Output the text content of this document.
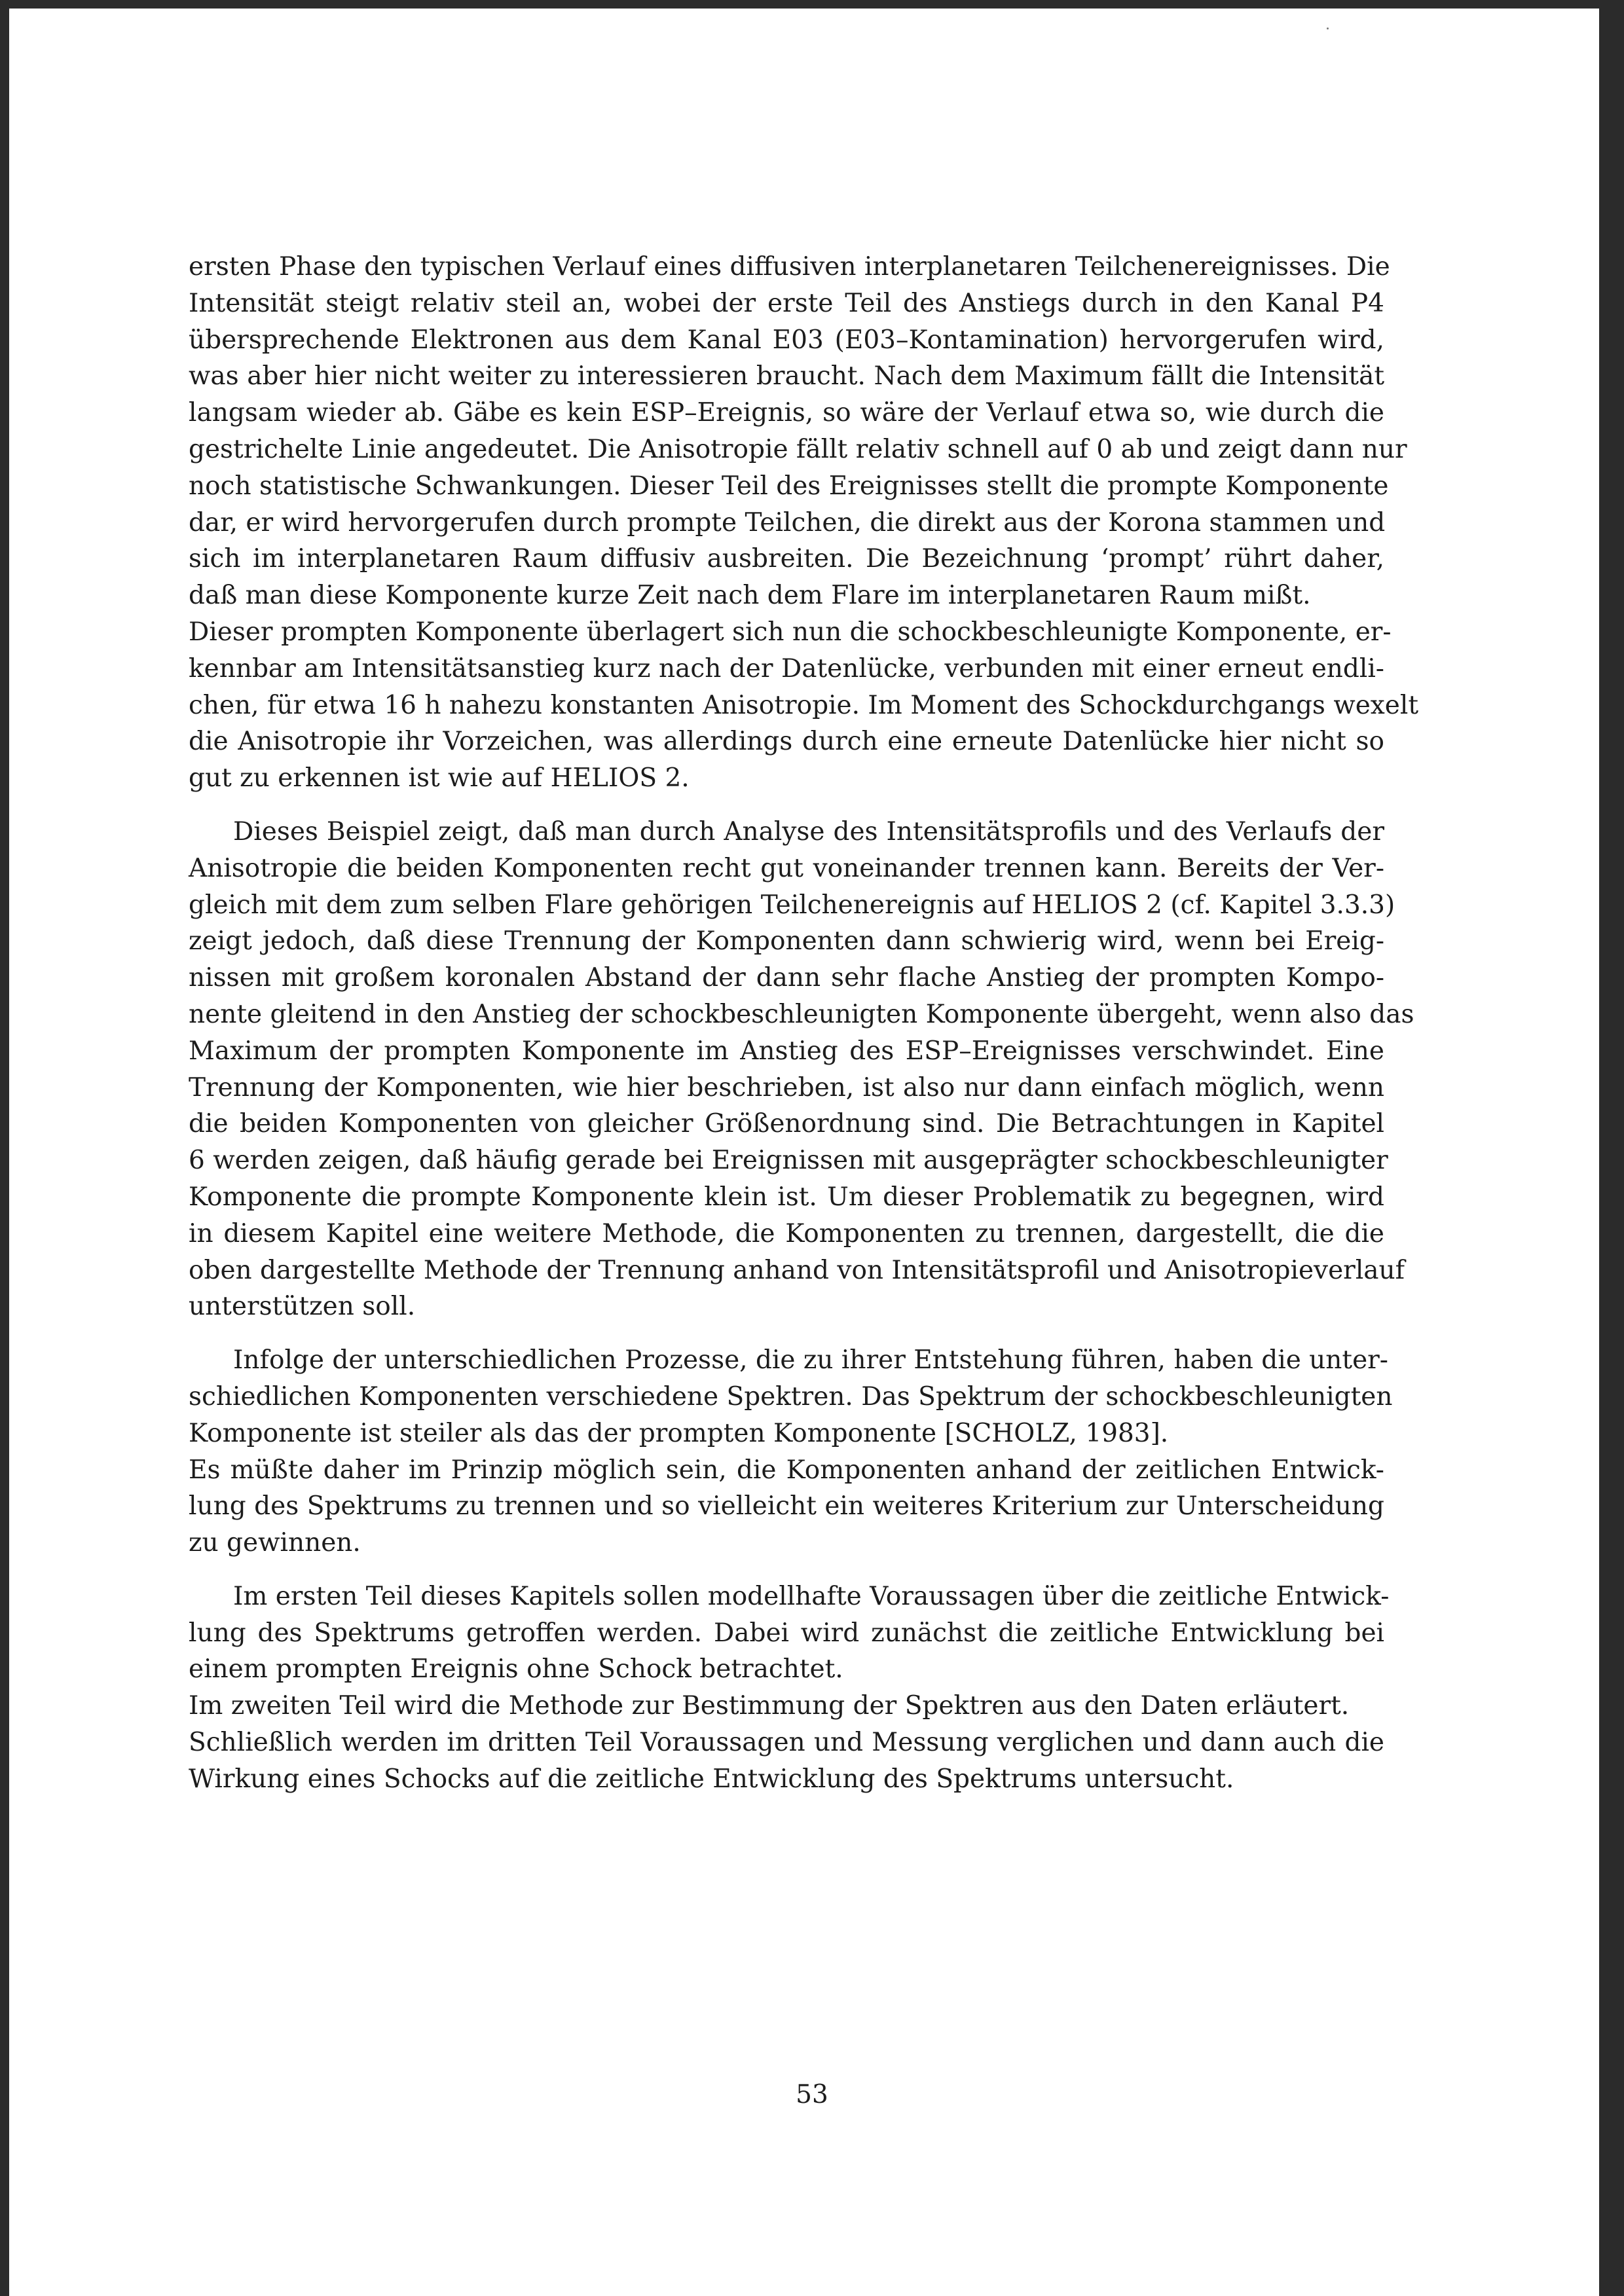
ersten Phase den typischen Verlauf eines diffusiven interplanetaren Teilchenereignisses. Die
Intensität steigt relativ steil an, wobei der erste Teil des Anstiegs durch in den Kanal P4
übersprechende Elektronen aus dem Kanal E03 (E03–Kontamination) hervorgerufen wird,
was aber hier nicht weiter zu interessieren braucht. Nach dem Maximum fällt die Intensität
langsam wieder ab. Gäbe es kein ESP–Ereignis, so wäre der Verlauf etwa so, wie durch die
gestrichelte Linie angedeutet. Die Anisotropie fällt relativ schnell auf 0 ab und zeigt dann nur
noch statistische Schwankungen. Dieser Teil des Ereignisses stellt die prompte Komponente
dar, er wird hervorgerufen durch prompte Teilchen, die direkt aus der Korona stammen und
sich im interplanetaren Raum diffusiv ausbreiten. Die Bezeichnung ‘prompt’ rührt daher,
daß man diese Komponente kurze Zeit nach dem Flare im interplanetaren Raum mißt.
Dieser prompten Komponente überlagert sich nun die schockbeschleunigte Komponente, er-
kennbar am Intensitätsanstieg kurz nach der Datenlücke, verbunden mit einer erneut endli-
chen, für etwa 16 h nahezu konstanten Anisotropie. Im Moment des Schockdurchgangs wexelt
die Anisotropie ihr Vorzeichen, was allerdings durch eine erneute Datenlücke hier nicht so
gut zu erkennen ist wie auf HELIOS 2.
Dieses Beispiel zeigt, daß man durch Analyse des Intensitätsprofils und des Verlaufs der
Anisotropie die beiden Komponenten recht gut voneinander trennen kann. Bereits der Ver-
gleich mit dem zum selben Flare gehörigen Teilchenereignis auf HELIOS 2 (cf. Kapitel 3.3.3)
zeigt jedoch, daß diese Trennung der Komponenten dann schwierig wird, wenn bei Ereig-
nissen mit großem koronalen Abstand der dann sehr flache Anstieg der prompten Kompo-
nente gleitend in den Anstieg der schockbeschleunigten Komponente übergeht, wenn also das
Maximum der prompten Komponente im Anstieg des ESP–Ereignisses verschwindet. Eine
Trennung der Komponenten, wie hier beschrieben, ist also nur dann einfach möglich, wenn
die beiden Komponenten von gleicher Größenordnung sind. Die Betrachtungen in Kapitel
6 werden zeigen, daß häufig gerade bei Ereignissen mit ausgeprägter schockbeschleunigter
Komponente die prompte Komponente klein ist. Um dieser Problematik zu begegnen, wird
in diesem Kapitel eine weitere Methode, die Komponenten zu trennen, dargestellt, die die
oben dargestellte Methode der Trennung anhand von Intensitätsprofil und Anisotropieverlauf
unterstützen soll.
Infolge der unterschiedlichen Prozesse, die zu ihrer Entstehung führen, haben die unter-
schiedlichen Komponenten verschiedene Spektren. Das Spektrum der schockbeschleunigten
Komponente ist steiler als das der prompten Komponente [SCHOLZ, 1983].
Es müßte daher im Prinzip möglich sein, die Komponenten anhand der zeitlichen Entwick-
lung des Spektrums zu trennen und so vielleicht ein weiteres Kriterium zur Unterscheidung
zu gewinnen.
Im ersten Teil dieses Kapitels sollen modellhafte Voraussagen über die zeitliche Entwick-
lung des Spektrums getroffen werden. Dabei wird zunächst die zeitliche Entwicklung bei
einem prompten Ereignis ohne Schock betrachtet.
Im zweiten Teil wird die Methode zur Bestimmung der Spektren aus den Daten erläutert.
Schließlich werden im dritten Teil Voraussagen und Messung verglichen und dann auch die
Wirkung eines Schocks auf die zeitliche Entwicklung des Spektrums untersucht.
53
